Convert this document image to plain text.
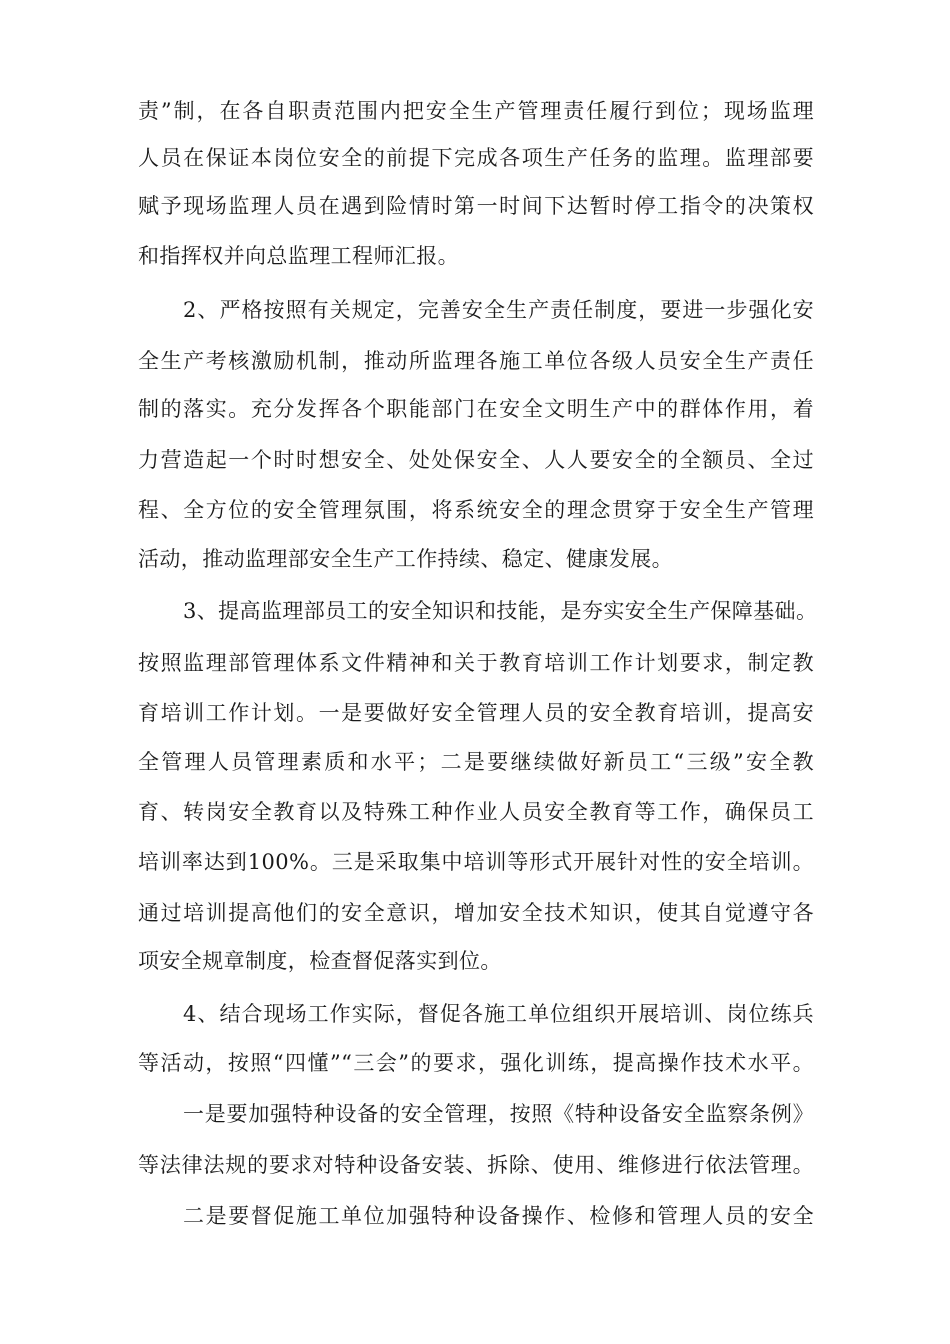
责”制，在各自职责范围内把安全生产管理责任履行到位；现场监理
人员在保证本岗位安全的前提下完成各项生产任务的监理。监理部要
赋予现场监理人员在遇到险情时第一时间下达暂时停工指令的决策权
和指挥权并向总监理工程师汇报。
2、严格按照有关规定，完善安全生产责任制度，要进一步强化安
全生产考核激励机制，推动所监理各施工单位各级人员安全生产责任
制的落实。充分发挥各个职能部门在安全文明生产中的群体作用，着
力营造起一个时时想安全、处处保安全、人人要安全的全额员、全过
程、全方位的安全管理氛围，将系统安全的理念贯穿于安全生产管理
活动，推动监理部安全生产工作持续、稳定、健康发展。
3、提高监理部员工的安全知识和技能，是夯实安全生产保障基础。
按照监理部管理体系文件精神和关于教育培训工作计划要求，制定教
育培训工作计划。一是要做好安全管理人员的安全教育培训，提高安
全管理人员管理素质和水平；二是要继续做好新员工“三级”安全教
育、转岗安全教育以及特殊工种作业人员安全教育等工作，确保员工
培训率达到100%。三是采取集中培训等形式开展针对性的安全培训。
通过培训提高他们的安全意识，增加安全技术知识，使其自觉遵守各
项安全规章制度，检查督促落实到位。
4、结合现场工作实际，督促各施工单位组织开展培训、岗位练兵
等活动，按照“四懂”“三会”的要求，强化训练，提高操作技术水平。
一是要加强特种设备的安全管理，按照《特种设备安全监察条例》
等法律法规的要求对特种设备安装、拆除、使用、维修进行依法管理。
二是要督促施工单位加强特种设备操作、检修和管理人员的安全
